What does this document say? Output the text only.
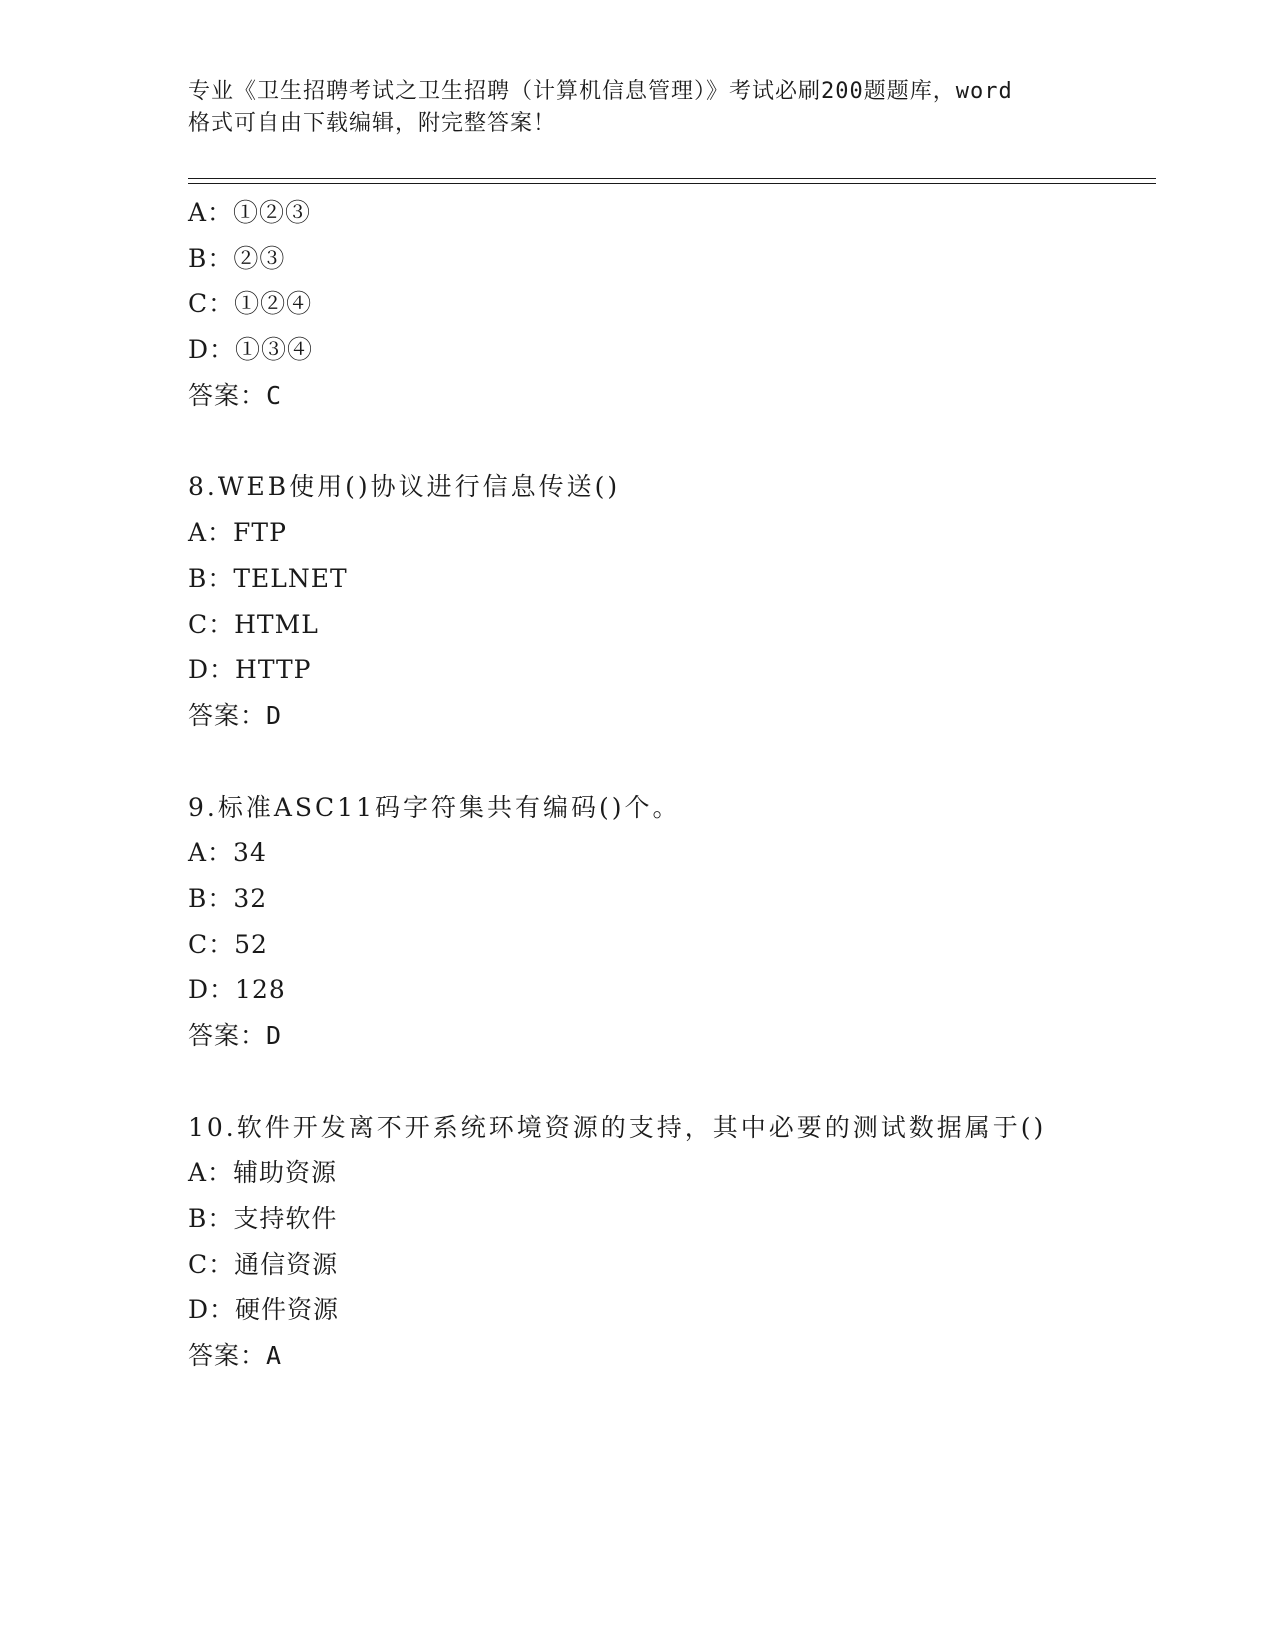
专业《卫生招聘考试之卫生招聘（计算机信息管理）》考试必刷200题题库，word
格式可自由下载编辑，附完整答案！
A：①②③
B：②③
C：①②④
D：①③④
答案：C
8.WEB使用()协议进行信息传送()
A：FTP
B：TELNET
C：HTML
D：HTTP
答案：D
9.标准ASC11码字符集共有编码()个。
A：34
B：32
C：52
D：128
答案：D
10.软件开发离不开系统环境资源的支持，其中必要的测试数据属于()
A：辅助资源
B：支持软件
C：通信资源
D：硬件资源
答案：A
